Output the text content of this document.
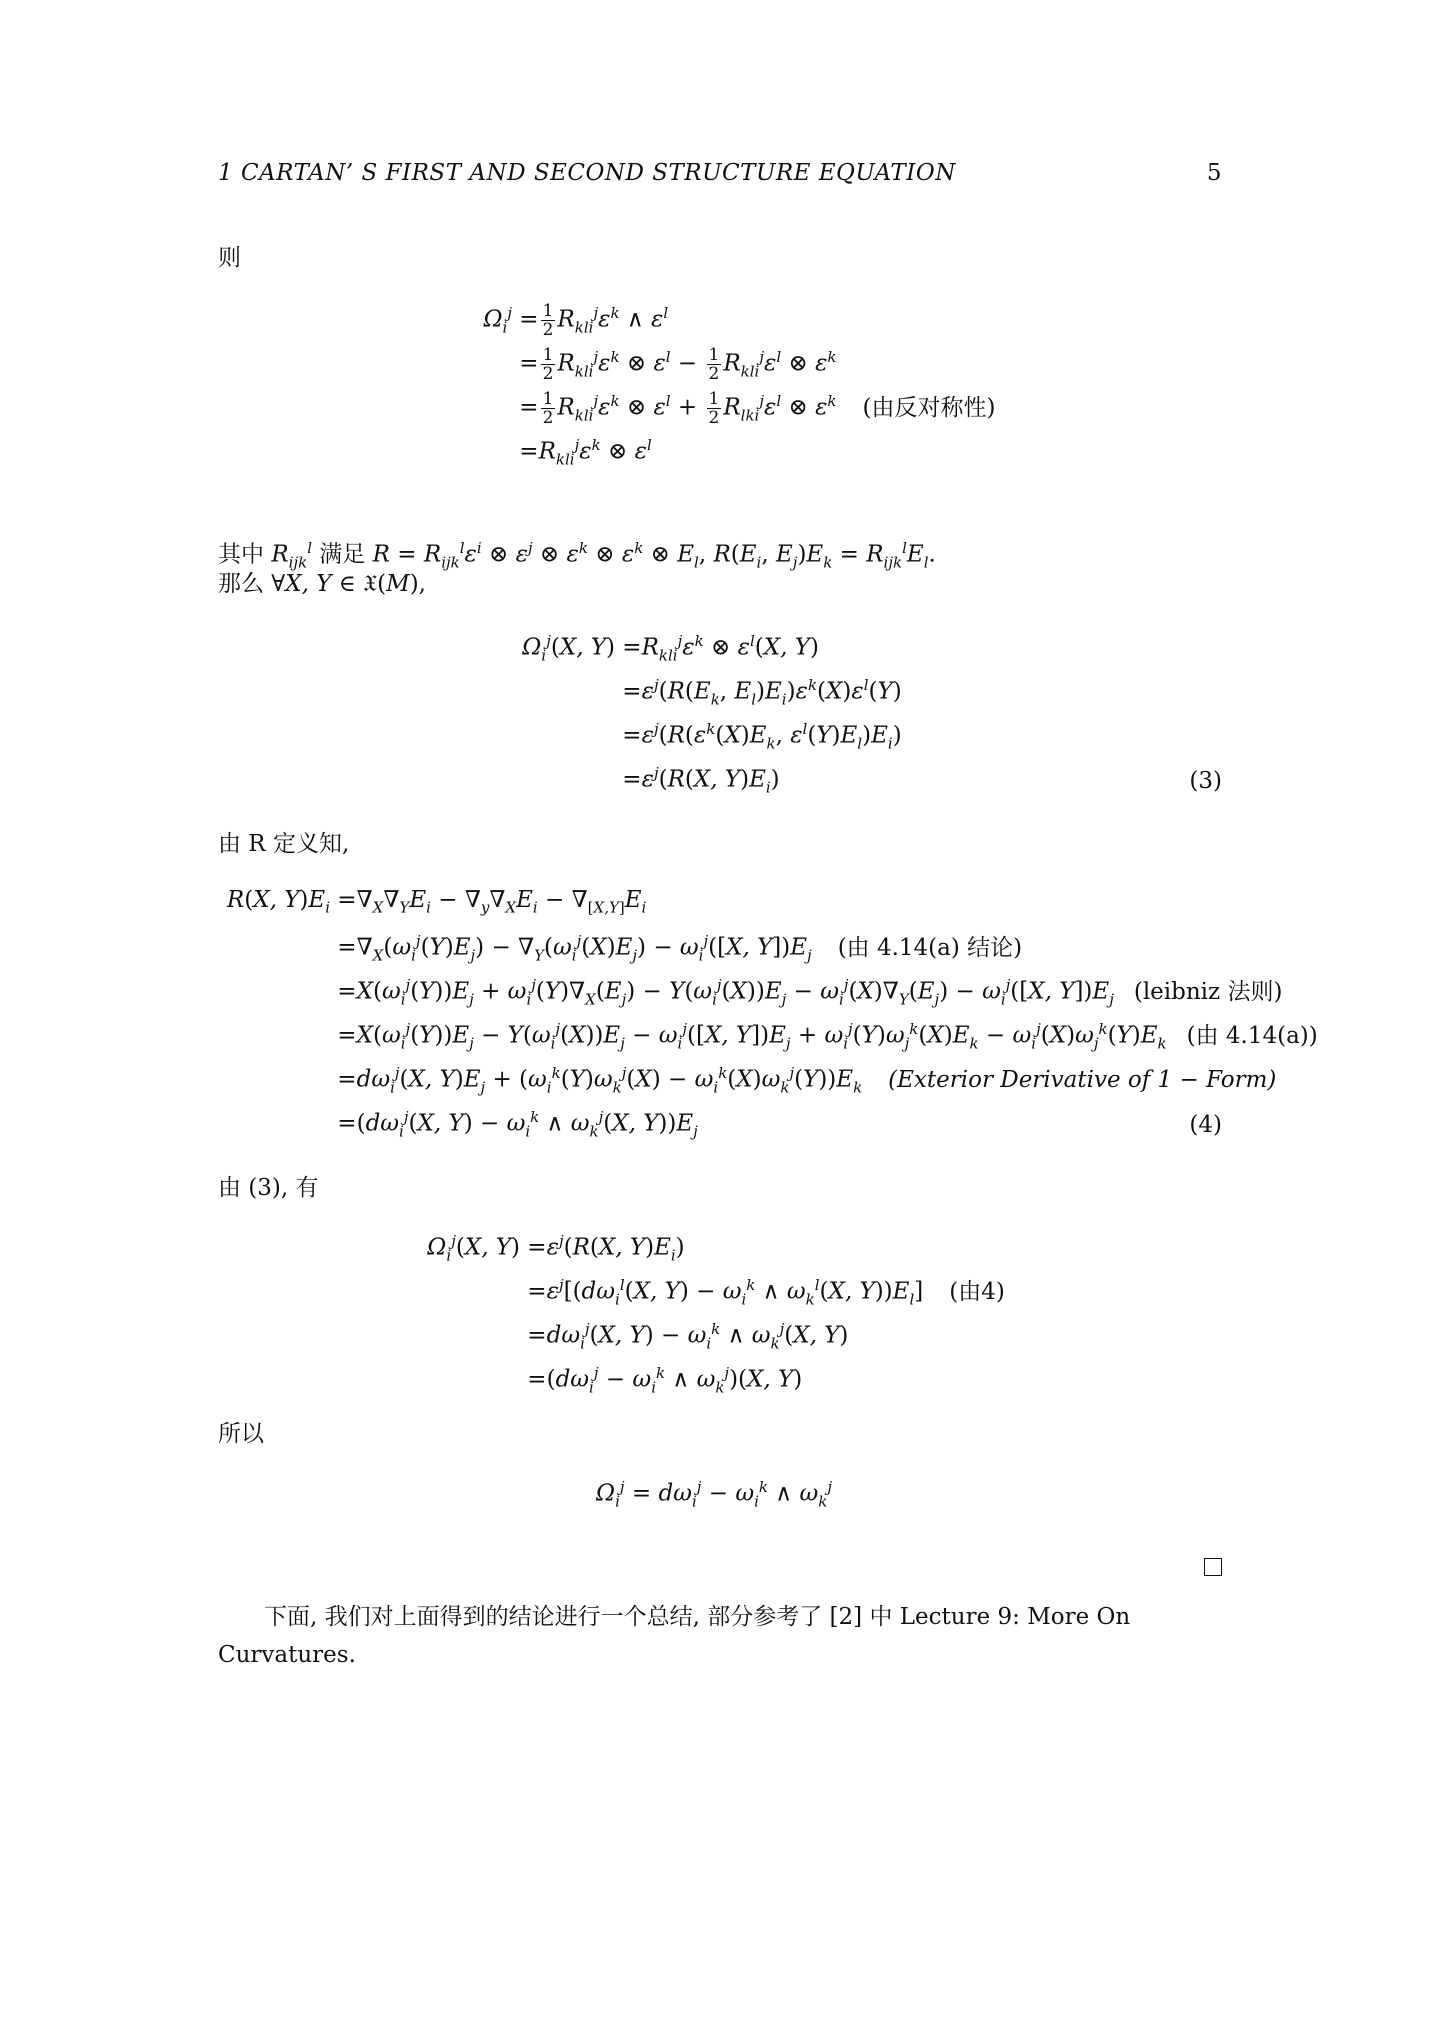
1 CARTAN’ S FIRST AND SECOND STRUCTURE EQUATION	5
则
$\Omega_i^j = \frac{1}{2} R_{kli}^j\varepsilon^k$ ∧ $\varepsilon^l$
= $\frac{1}{2} R_{kli}^j\varepsilon^k$ ⊗ $\varepsilon^l - \frac{1}{2} R_{kli}^j\varepsilon^l$ ⊗ $\varepsilon^k$
= $\frac{1}{2} R_{kli}^j\varepsilon^k$ ⊗ $\varepsilon^l + \frac{1}{2} R_{lki}^j\varepsilon^l$ ⊗ $\varepsilon^k$ (由反对称性)
$=R_{kli}^j\varepsilon^k$ ⊗ $\varepsilon^l$
其中 $R_{ijk}^l$ 满足 $R = R_{ijk}^l\varepsilon^i$ ⊗ $\varepsilon^j$ ⊗ $\varepsilon^k$ ⊗ $\varepsilon^k$ ⊗ $E_l$, $R(E_i$, $E_j)E_k = R_{ijk}^lE_l$.
那么 ∀X, Y ∈ 𝔛(M),
$\Omega_i^j(X$, $Y) =R_{kli}^j\varepsilon^k$ ⊗ $\varepsilon^l(X$, Y)
$=\varepsilon^j(R(E_k$, $E_l)E_i)\varepsilon^k(X)\varepsilon^l(Y)$
$=\varepsilon^j(R(\varepsilon^k(X)E_k$, $\varepsilon^l(Y)E_l)E_i$)
$=\varepsilon^j(R(X$, $Y)E_i$)	(3)
由 R 定义知,
R(X, $Y)E_i =\nabla_X\nabla_YE_i - \nabla_y\nabla_XE_i - \nabla_{[X,Y]}E_i$
$=\nabla_X(\omega_i^j(Y)E_j) - \nabla_Y(\omega_i^j(X)E_j) - \omega_i^j([X$, $Y])E_j$ (由 4.14(a) 结论)
$=X(\omega_i^j(Y))E_j + \omega_i^j(Y)\nabla_X(E_j) - Y(\omega_i^j(X))E_j - \omega_i^j(X)\nabla_Y(E_j) - \omega_i^j([X$, $Y])E_j$ (leibniz 法则)
$=X(\omega_i^j(Y))E_j - Y(\omega_i^j(X))E_j - \omega_i^j([X$, $Y])E_j + \omega_i^j(Y)\omega_j^k(X)E_k - \omega_i^j(X)\omega_j^k(Y)E_k$ (由 4.14(a))
$=d\omega_i^j(X$, $Y)E_j + (\omega_i^k(Y)\omega_k^j(X) - \omega_i^k(X)\omega_k^j(Y))E_k$ (Exterior Derivative of 1 − Form)
$=(d\omega_i^j(X$, $Y) - \omega_i^k$ ∧ $\omega_k^j(X$, $Y))E_j$	(4)
由 (3), 有
$\Omega_i^j(X$, $Y) =\varepsilon^j(R(X$, $Y)E_i$)
$=\varepsilon^j[(d\omega_i^l(X$, $Y) - \omega_i^k$ ∧ $\omega_k^l(X$, $Y))E_l$] (由4)
$=d\omega_i^j(X$, $Y) - \omega_i^k$ ∧ $\omega_k^j(X$, Y)
$=(d\omega_i^j - \omega_i^k$ ∧ $\omega_k^j)(X$, Y)
所以
$\Omega_i^j = d\omega_i^j - \omega_i^k$ ∧ $\omega_k^j$
下面, 我们对上面得到的结论进行一个总结, 部分参考了 [2] 中 Lecture 9: More On Curvatures.
